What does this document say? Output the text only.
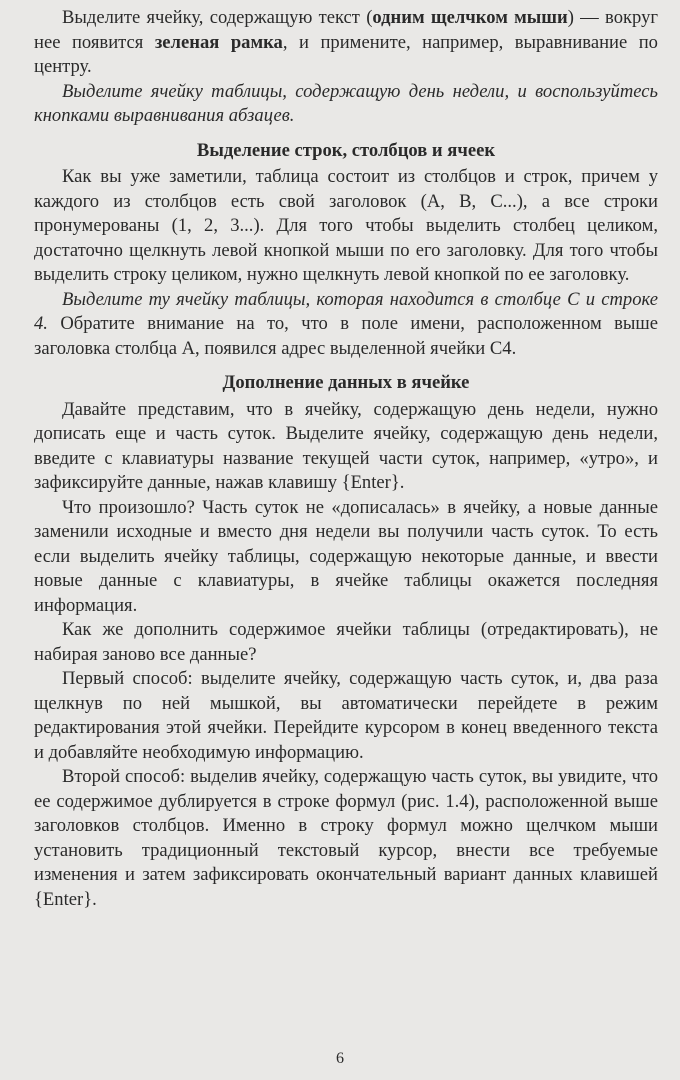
Выделите ячейку, содержащую текст (одним щелчком мыши) — вокруг нее появится зеленая рамка, и примените, например, выравнивание по центру.

Выделите ячейку таблицы, содержащую день недели, и воспользуйтесь кнопками выравнивания абзацев.

Выделение строк, столбцов и ячеек

Как вы уже заметили, таблица состоит из столбцов и строк, причем у каждого из столбцов есть свой заголовок (A, B, C...), а все строки пронумерованы (1, 2, 3...). Для того чтобы выделить столбец целиком, достаточно щелкнуть левой кнопкой мыши по его заголовку. Для того чтобы выделить строку целиком, нужно щелкнуть левой кнопкой по ее заголовку.

Выделите ту ячейку таблицы, которая находится в столбце С и строке 4. Обратите внимание на то, что в поле имени, расположенном выше заголовка столбца A, появился адрес выделенной ячейки C4.

Дополнение данных в ячейке

Давайте представим, что в ячейку, содержащую день недели, нужно дописать еще и часть суток. Выделите ячейку, содержащую день недели, введите с клавиатуры название текущей части суток, например, «утро», и зафиксируйте данные, нажав клавишу {Enter}.

Что произошло? Часть суток не «дописалась» в ячейку, а новые данные заменили исходные и вместо дня недели вы получили часть суток. То есть если выделить ячейку таблицы, содержащую некоторые данные, и ввести новые данные с клавиатуры, в ячейке таблицы окажется последняя информация.

Как же дополнить содержимое ячейки таблицы (отредактировать), не набирая заново все данные?

Первый способ: выделите ячейку, содержащую часть суток, и, два раза щелкнув по ней мышкой, вы автоматически перейдете в режим редактирования этой ячейки. Перейдите курсором в конец введенного текста и добавляйте необходимую информацию.

Второй способ: выделив ячейку, содержащую часть суток, вы увидите, что ее содержимое дублируется в строке формул (рис. 1.4), расположенной выше заголовков столбцов. Именно в строку формул можно щелчком мыши установить традиционный текстовый курсор, внести все требуемые изменения и затем зафиксировать окончательный вариант данных клавишей {Enter}.

6
